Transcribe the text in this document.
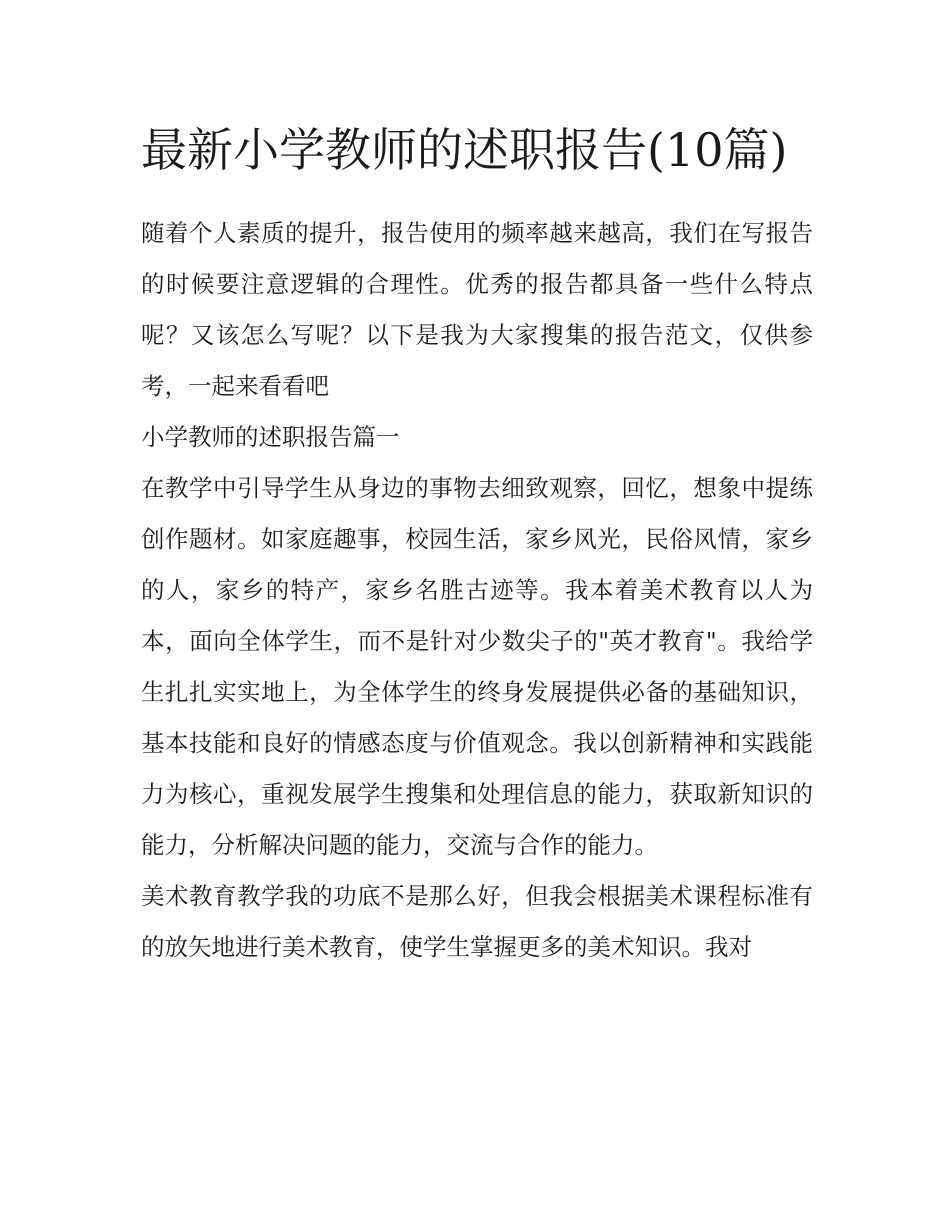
最新小学教师的述职报告(10篇)

随着个人素质的提升，报告使用的频率越来越高，我们在写报告的时候要注意逻辑的合理性。优秀的报告都具备一些什么特点呢？又该怎么写呢？以下是我为大家搜集的报告范文，仅供参考，一起来看看吧

小学教师的述职报告篇一

在教学中引导学生从身边的事物去细致观察，回忆，想象中提练创作题材。如家庭趣事，校园生活，家乡风光，民俗风情，家乡的人，家乡的特产，家乡名胜古迹等。我本着美术教育以人为本，面向全体学生，而不是针对少数尖子的"英才教育"。我给学生扎扎实实地上，为全体学生的终身发展提供必备的基础知识，基本技能和良好的情感态度与价值观念。我以创新精神和实践能力为核心，重视发展学生搜集和处理信息的能力，获取新知识的能力，分析解决问题的能力，交流与合作的能力。

美术教育教学我的功底不是那么好，但我会根据美术课程标准有的放矢地进行美术教育，使学生掌握更多的美术知识。我对
